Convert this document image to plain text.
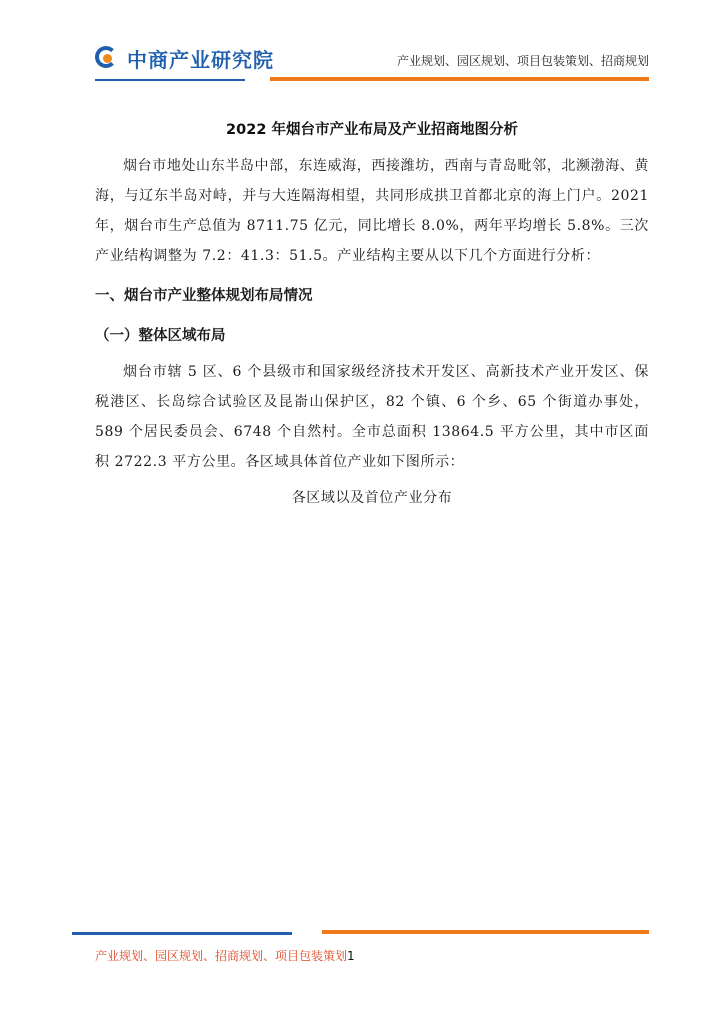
中商产业研究院	产业规划、园区规划、项目包装策划、招商规划
2022 年烟台市产业布局及产业招商地图分析

烟台市地处山东半岛中部，东连威海，西接潍坊，西南与青岛毗邻，北濒渤海、黄海，与辽东半岛对峙，并与大连隔海相望，共同形成拱卫首都北京的海上门户。2021 年，烟台市生产总值为 8711.75 亿元，同比增长 8.0%，两年平均增长 5.8%。三次产业结构调整为 7.2：41.3：51.5。产业结构主要从以下几个方面进行分析：

一、烟台市产业整体规划布局情况
（一）整体区域布局

烟台市辖 5 区、6 个县级市和国家级经济技术开发区、高新技术产业开发区、保税港区、长岛综合试验区及昆嵛山保护区，82 个镇、6 个乡、65 个街道办事处，589 个居民委员会、6748 个自然村。全市总面积 13864.5 平方公里，其中市区面积 2722.3 平方公里。各区域具体首位产业如下图所示：

各区域以及首位产业分布
产业规划、园区规划、招商规划、项目包装策划1
